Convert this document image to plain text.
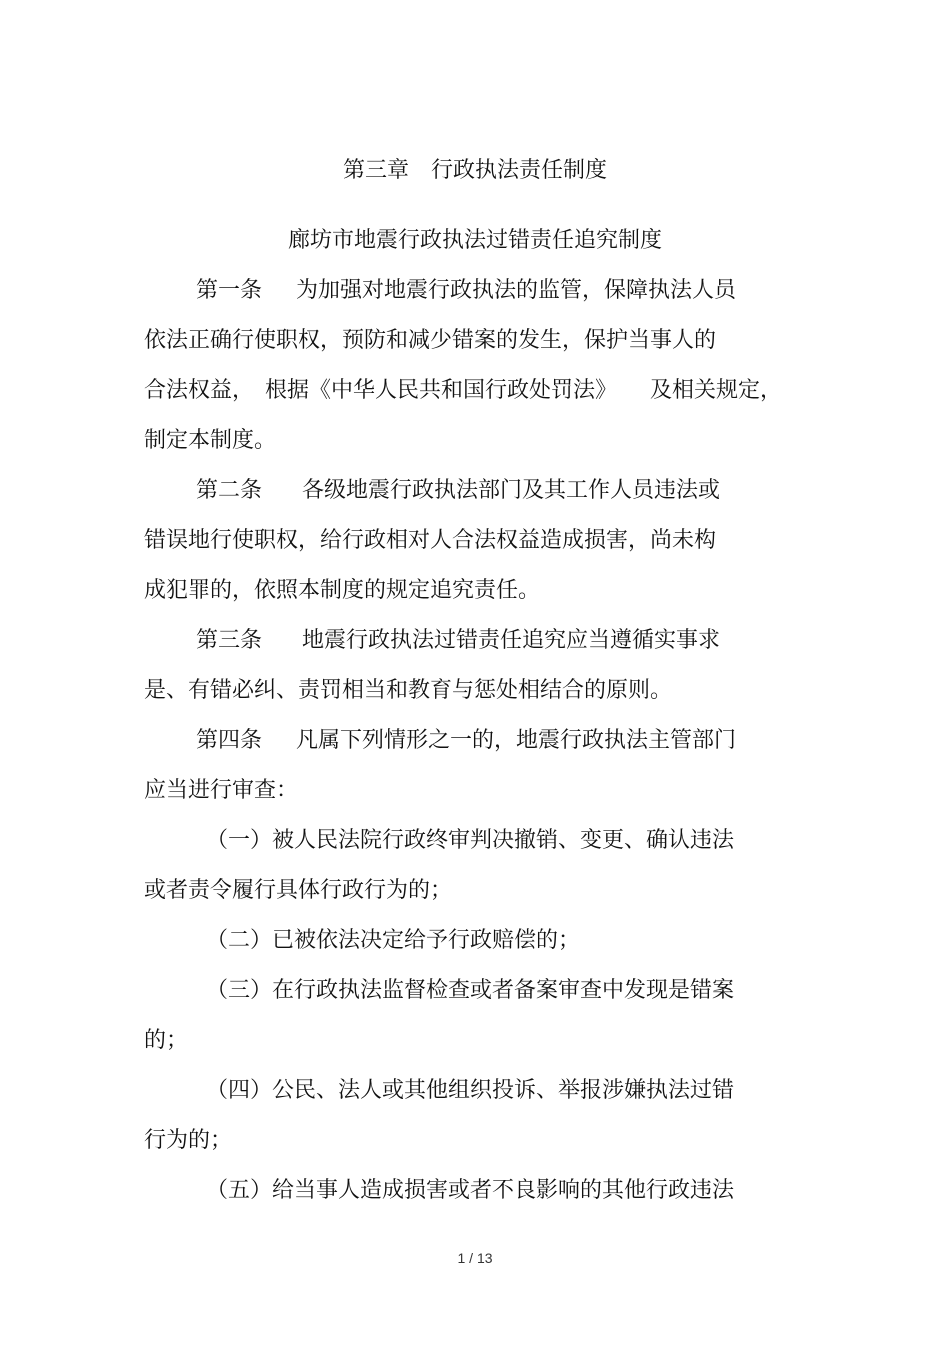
第三章　行政执法责任制度
廊坊市地震行政执法过错责任追究制度
第一条 为加强对地震行政执法的监管，保障执法人员
依法正确行使职权，预防和减少错案的发生，保护当事人的
合法权益，　根据《中华人民共和国行政处罚法》　　及相关规定，
制定本制度。
第二条 各级地震行政执法部门及其工作人员违法或
错误地行使职权，给行政相对人合法权益造成损害，尚未构
成犯罪的，依照本制度的规定追究责任。
第三条 地震行政执法过错责任追究应当遵循实事求
是、有错必纠、责罚相当和教育与惩处相结合的原则。
第四条 凡属下列情形之一的，地震行政执法主管部门
应当进行审查：
（一）被人民法院行政终审判决撤销、变更、确认违法
或者责令履行具体行政行为的；
（二）已被依法决定给予行政赔偿的；
（三）在行政执法监督检查或者备案审查中发现是错案
的；
（四）公民、法人或其他组织投诉、举报涉嫌执法过错
行为的；
（五）给当事人造成损害或者不良影响的其他行政违法
1 / 13
